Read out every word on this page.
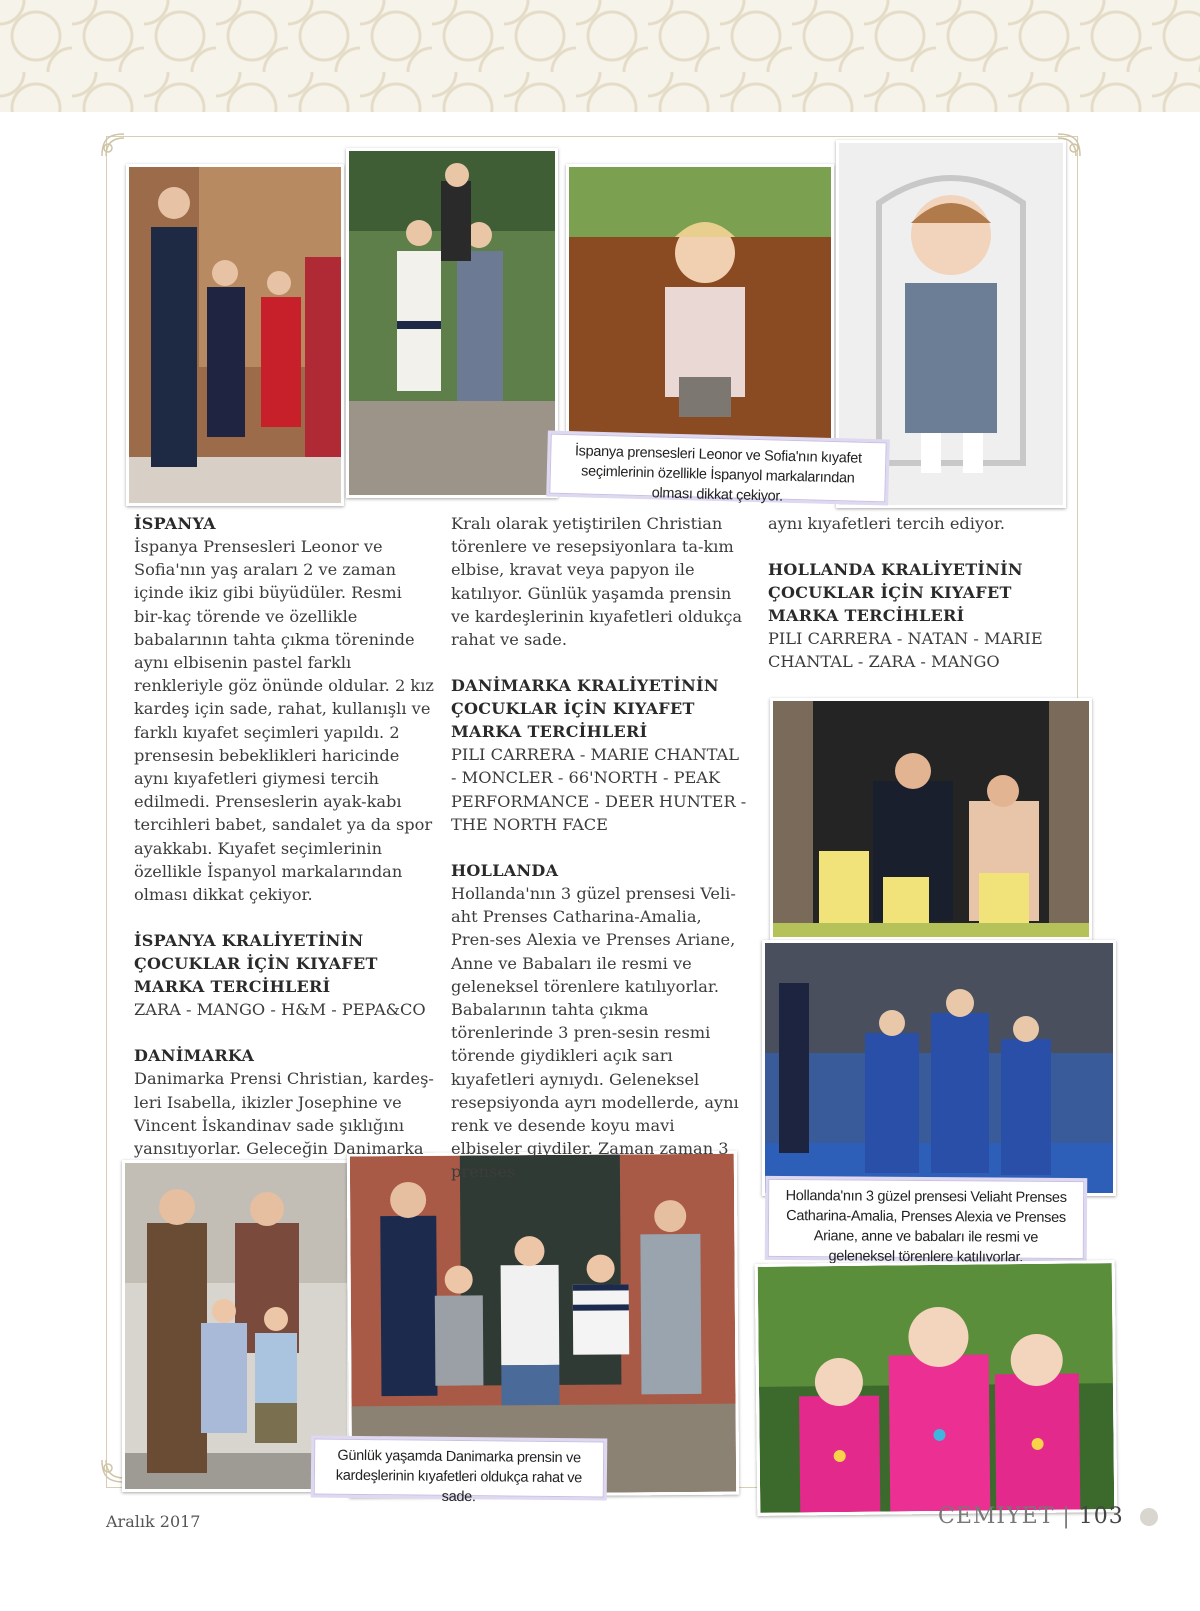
İspanya prensesleri Leonor ve Sofia'nın kıyafet seçimlerinin özellikle İspanyol markalarından olması dikkat çekiyor.
Hollanda'nın 3 güzel prensesi Veliaht Prenses Catharina-Amalia, Prenses Alexia ve Prenses Ariane, anne ve babaları ile resmi ve geleneksel törenlere katılıyorlar.
Günlük yaşamda Danimarka prensin ve kardeşlerinin kıyafetleri oldukça rahat ve sade.
İSPANYA

İspanya Prensesleri Leonor ve Sofia'nın yaş araları 2 ve zaman içinde ikiz gibi büyüdüler. Resmi bir-kaç törende ve özellikle babalarının tahta çıkma töreninde aynı elbisenin pastel farklı renkleriyle göz önünde oldular. 2 kız kardeş için sade, rahat, kullanışlı ve farklı kıyafet seçimleri yapıldı. 2 prensesin bebeklikleri haricinde aynı kıyafetleri giymesi tercih edilmedi. Prenseslerin ayak-kabı tercihleri babet, sandalet ya da spor ayakkabı. Kıyafet seçimlerinin özellikle İspanyol markalarından olması dikkat çekiyor.

İSPANYA KRALİYETİNİN ÇOCUKLAR İÇİN KIYAFET MARKA TERCİHLERİ

ZARA - MANGO - H&M - PEPA&CO

DANİMARKA

Danimarka Prensi Christian, kardeş-leri Isabella, ikizler Josephine ve Vincent İskandinav sade şıklığını yansıtıyorlar. Geleceğin Danimarka

Kralı olarak yetiştirilen Christian törenlere ve resepsiyonlara ta-kım elbise, kravat veya papyon ile katılıyor. Günlük yaşamda prensin ve kardeşlerinin kıyafetleri oldukça rahat ve sade.

DANİMARKA KRALİYETİNİN ÇOCUKLAR İÇİN KIYAFET MARKA TERCİHLERİ

PILI CARRERA - MARIE CHANTAL - MONCLER - 66'NORTH - PEAK PERFORMANCE - DEER HUNTER - THE NORTH FACE

HOLLANDA

Hollanda'nın 3 güzel prensesi Veli-aht Prenses Catharina-Amalia, Pren-ses Alexia ve Prenses Ariane, Anne ve Babaları ile resmi ve geleneksel törenlere katılıyorlar. Babalarının tahta çıkma törenlerinde 3 pren-sesin resmi törende giydikleri açık sarı kıyafetleri aynıydı. Geleneksel resepsiyonda ayrı modellerde, aynı renk ve desende koyu mavi elbiseler giydiler. Zaman zaman 3 prenses

aynı kıyafetleri tercih ediyor.

HOLLANDA KRALİYETİNİN ÇOCUKLAR İÇİN KIYAFET MARKA TERCİHLERİ

PILI CARRERA - NATAN - MARIE CHANTAL - ZARA - MANGO

Aralık 2017	CEMIYET | 103
